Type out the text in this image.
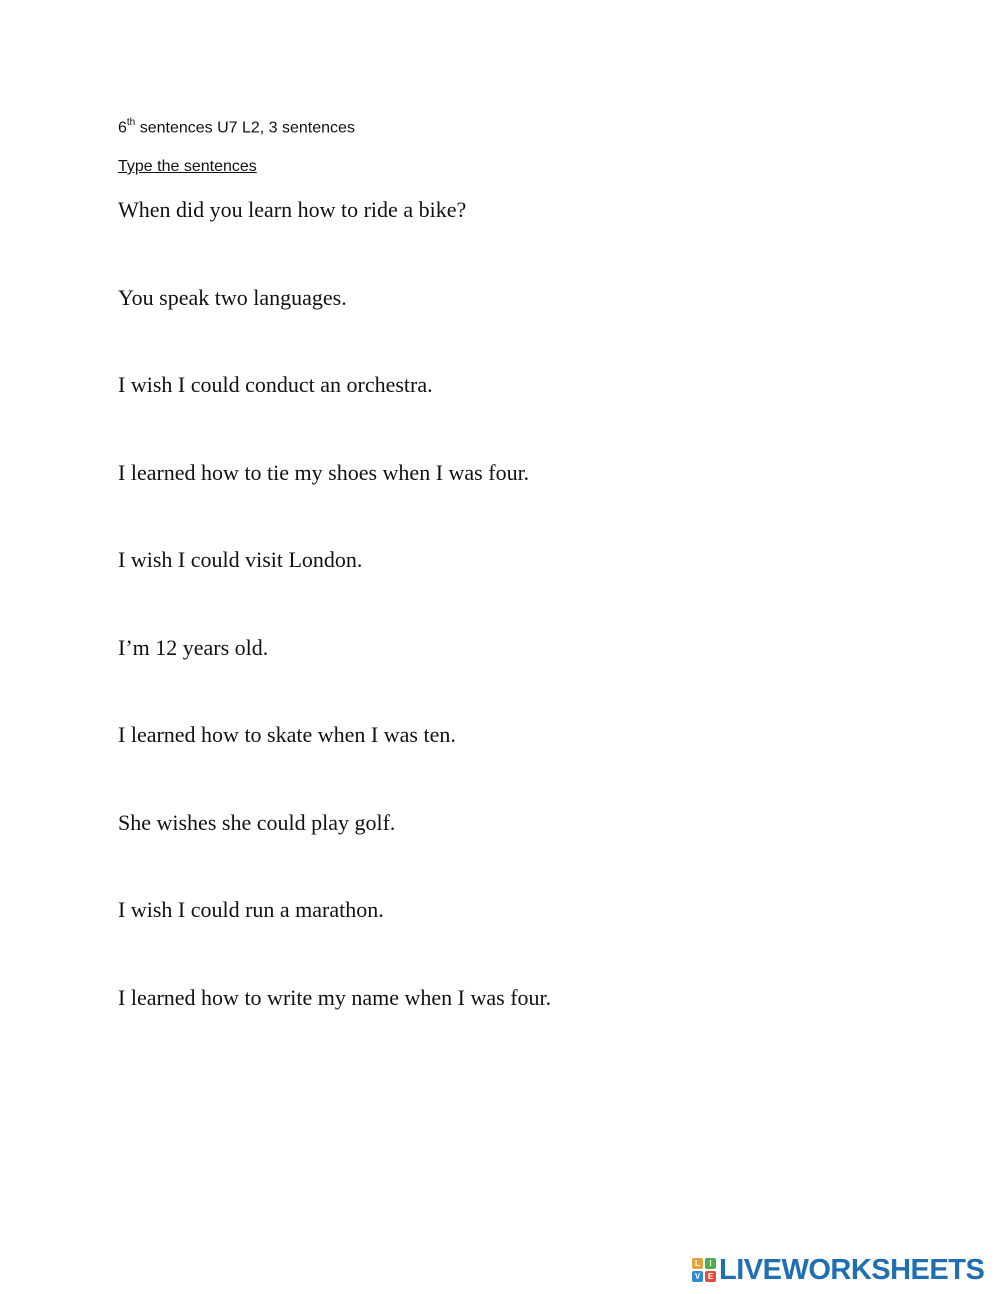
6th sentences U7 L2, 3 sentences
Type the sentences
When did you learn how to ride a bike?
You speak two languages.
I wish I could conduct an orchestra.
I learned how to tie my shoes when I was four.
I wish I could visit London.
I’m 12 years old.
I learned how to skate when I was ten.
She wishes she could play golf.
I wish I could run a marathon.
I learned how to write my name when I was four.
L	I
V E LIVEWORKSHEETS
